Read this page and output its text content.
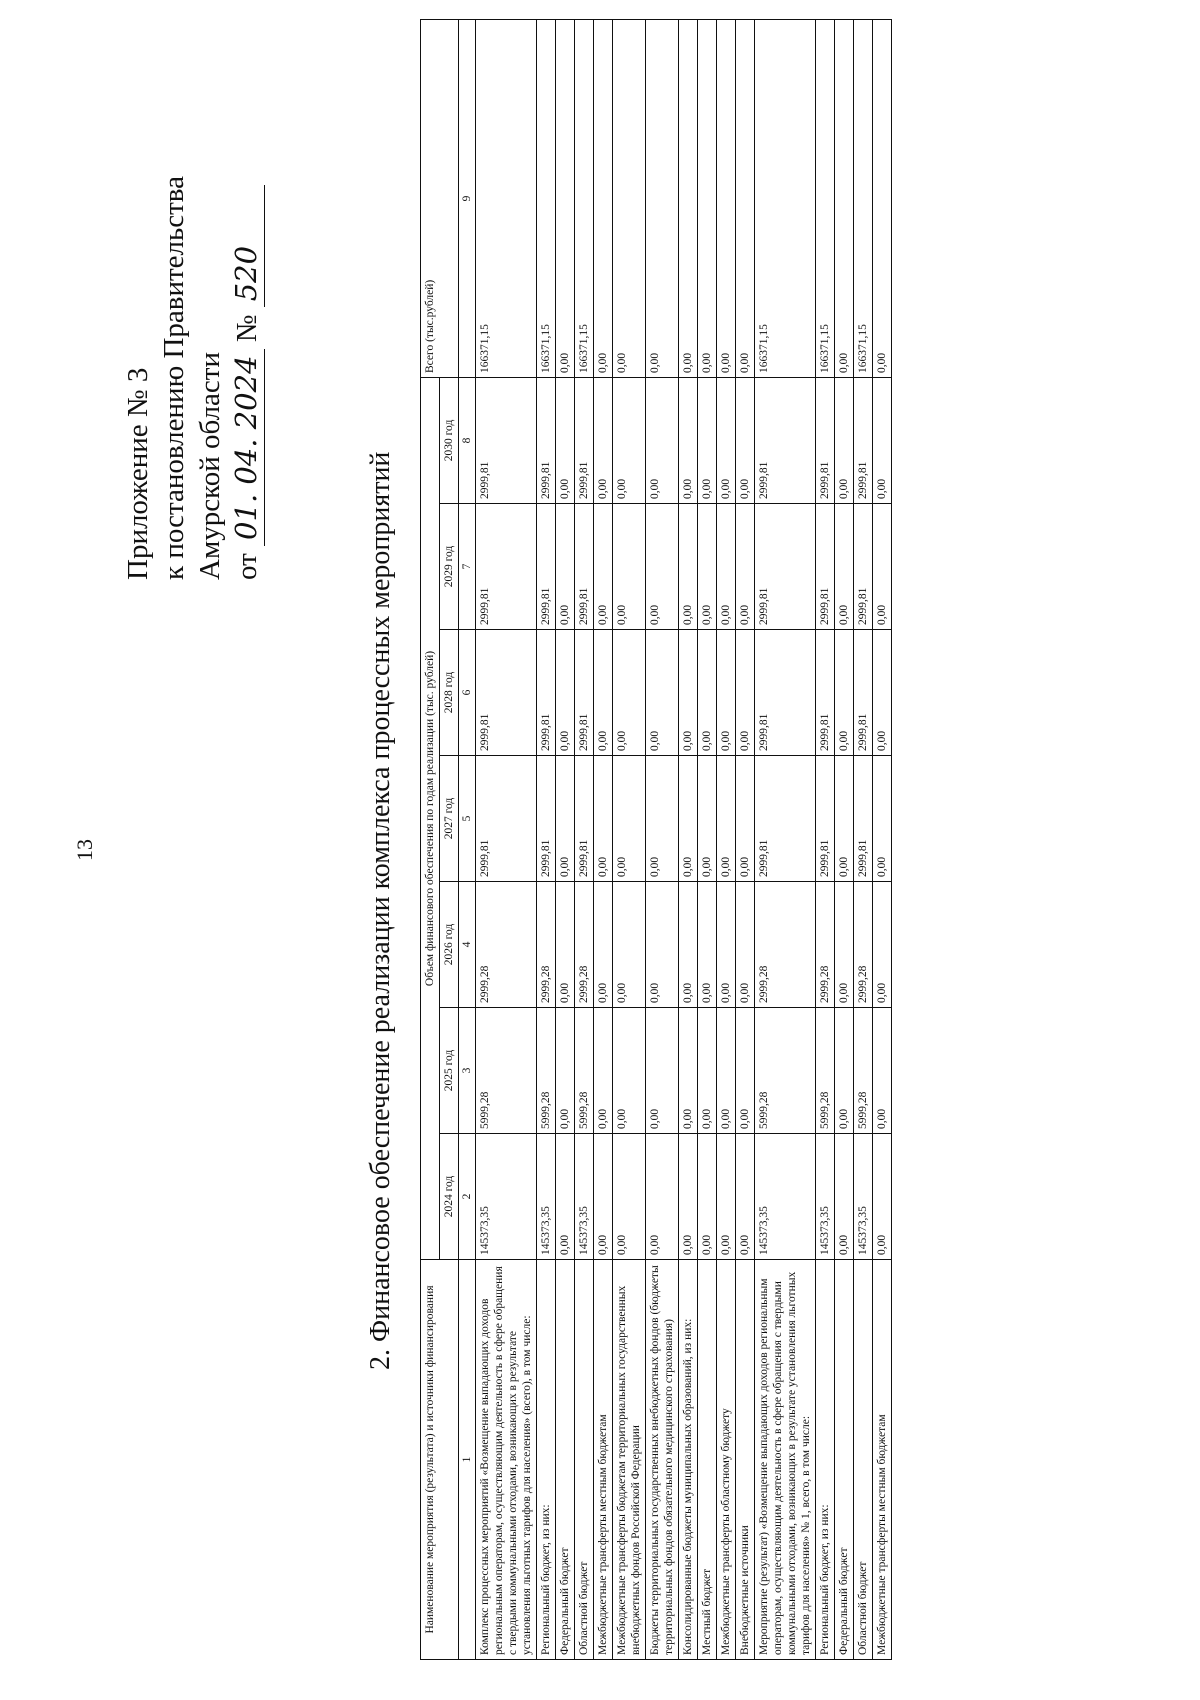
13
Приложение № 3 к постановлению Правительства Амурской области от 01. 04. 2024 № 520
2. Финансовое обеспечение реализации комплекса процессных мероприятий
Наименование мероприятия (результата) и источники финансирования	Объем финансового обеспечения по годам реализации (тыс. рублей)							Всего (тыс.рублей)
	2024 год	2025 год	2026 год	2027 год	2028 год	2029 год	2030 год	
1	2	3	4	5	6	7	8	9
Комплекс процессных мероприятий «Возмещение выпадающих доходов региональным операторам, осуществляющим деятельность в сфере обращения с твердыми коммунальными отходами, возникающих в результате установления льготных тарифов для населения» (всего), в том числе:	145373,35	5999,28	2999,28	2999,81	2999,81	2999,81	2999,81	166371,15
Региональный бюджет, из них:	145373,35	5999,28	2999,28	2999,81	2999,81	2999,81	2999,81	166371,15
Федеральный бюджет	0,00	0,00	0,00	0,00	0,00	0,00	0,00	0,00
Областной бюджет	145373,35	5999,28	2999,28	2999,81	2999,81	2999,81	2999,81	166371,15
Межбюджетные трансферты местным бюджетам	0,00	0,00	0,00	0,00	0,00	0,00	0,00	0,00
Межбюджетные трансферты бюджетам территориальных государственных внебюджетных фондов Российской Федерации	0,00	0,00	0,00	0,00	0,00	0,00	0,00	0,00
Бюджеты территориальных государственных внебюджетных фондов (бюджеты территориальных фондов обязательного медицинского страхования)	0,00	0,00	0,00	0,00	0,00	0,00	0,00	0,00
Консолидированные бюджеты муниципальных образований, из них:	0,00	0,00	0,00	0,00	0,00	0,00	0,00	0,00
Местный бюджет	0,00	0,00	0,00	0,00	0,00	0,00	0,00	0,00
Межбюджетные трансферты областному бюджету	0,00	0,00	0,00	0,00	0,00	0,00	0,00	0,00
Внебюджетные источники	0,00	0,00	0,00	0,00	0,00	0,00	0,00	0,00
Мероприятие (результат) «Возмещение выпадающих доходов региональным операторам, осуществляющим деятельность в сфере обращения с твердыми коммунальными отходами, возникающих в результате установления льготных тарифов для населения» № 1, всего, в том числе:	145373,35	5999,28	2999,28	2999,81	2999,81	2999,81	2999,81	166371,15
Региональный бюджет, из них:	145373,35	5999,28	2999,28	2999,81	2999,81	2999,81	2999,81	166371,15
Федеральный бюджет	0,00	0,00	0,00	0,00	0,00	0,00	0,00	0,00
Областной бюджет	145373,35	5999,28	2999,28	2999,81	2999,81	2999,81	2999,81	166371,15
Межбюджетные трансферты местным бюджетам	0,00	0,00	0,00	0,00	0,00	0,00	0,00	0,00
